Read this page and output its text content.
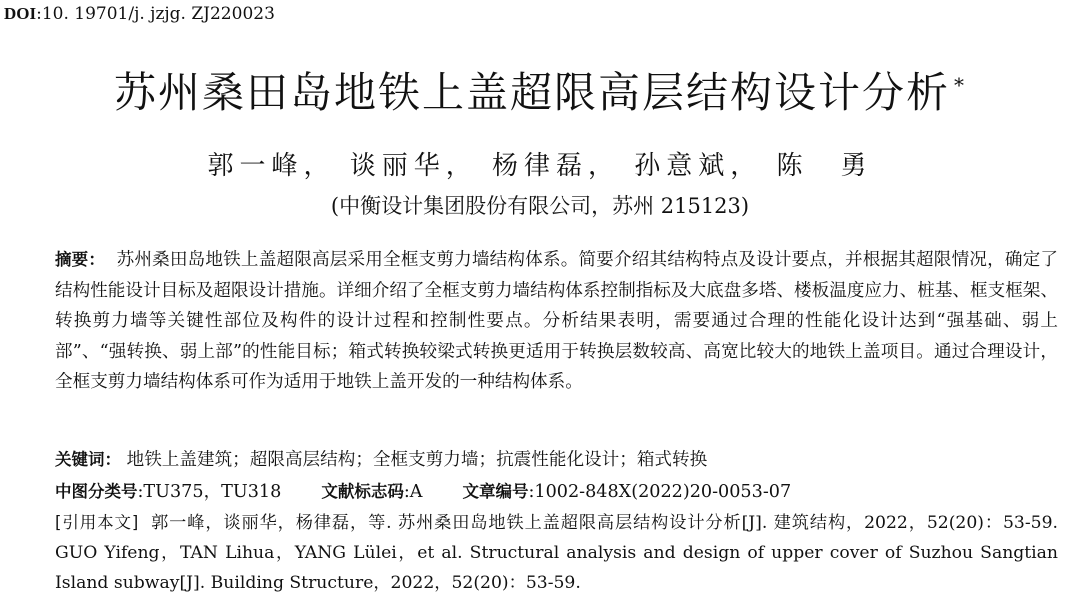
DOI:10. 19701/j. jzjg. ZJ220023
苏州桑田岛地铁上盖超限高层结构设计分析 *
郭一峰， 谈丽华， 杨律磊， 孙意斌， 陈　勇
(中衡设计集团股份有限公司，苏州 215123)
摘要： 苏州桑田岛地铁上盖超限高层采用全框支剪力墙结构体系。简要介绍其结构特点及设计要点，并根据其超限情况，确定了结构性能设计目标及超限设计措施。详细介绍了全框支剪力墙结构体系控制指标及大底盘多塔、楼板温度应力、桩基、框支框架、转换剪力墙等关键性部位及构件的设计过程和控制性要点。分析结果表明，需要通过合理的性能化设计达到“强基础、弱上部”、“强转换、弱上部”的性能目标；箱式转换较梁式转换更适用于转换层数较高、高宽比较大的地铁上盖项目。通过合理设计，全框支剪力墙结构体系可作为适用于地铁上盖开发的一种结构体系。
关键词： 地铁上盖建筑；超限高层结构；全框支剪力墙；抗震性能化设计；箱式转换
中图分类号:TU375，TU318 文献标志码:A 文章编号:1002-848X(2022)20-0053-07
[引用本文] 郭一峰，谈丽华，杨律磊，等. 苏州桑田岛地铁上盖超限高层结构设计分析[J]. 建筑结构，2022，52(20)：53-59. GUO Yifeng，TAN Lihua，YANG Lülei，et al. Structural analysis and design of upper cover of Suzhou Sangtian Island subway[J]. Building Structure，2022，52(20)：53-59.
